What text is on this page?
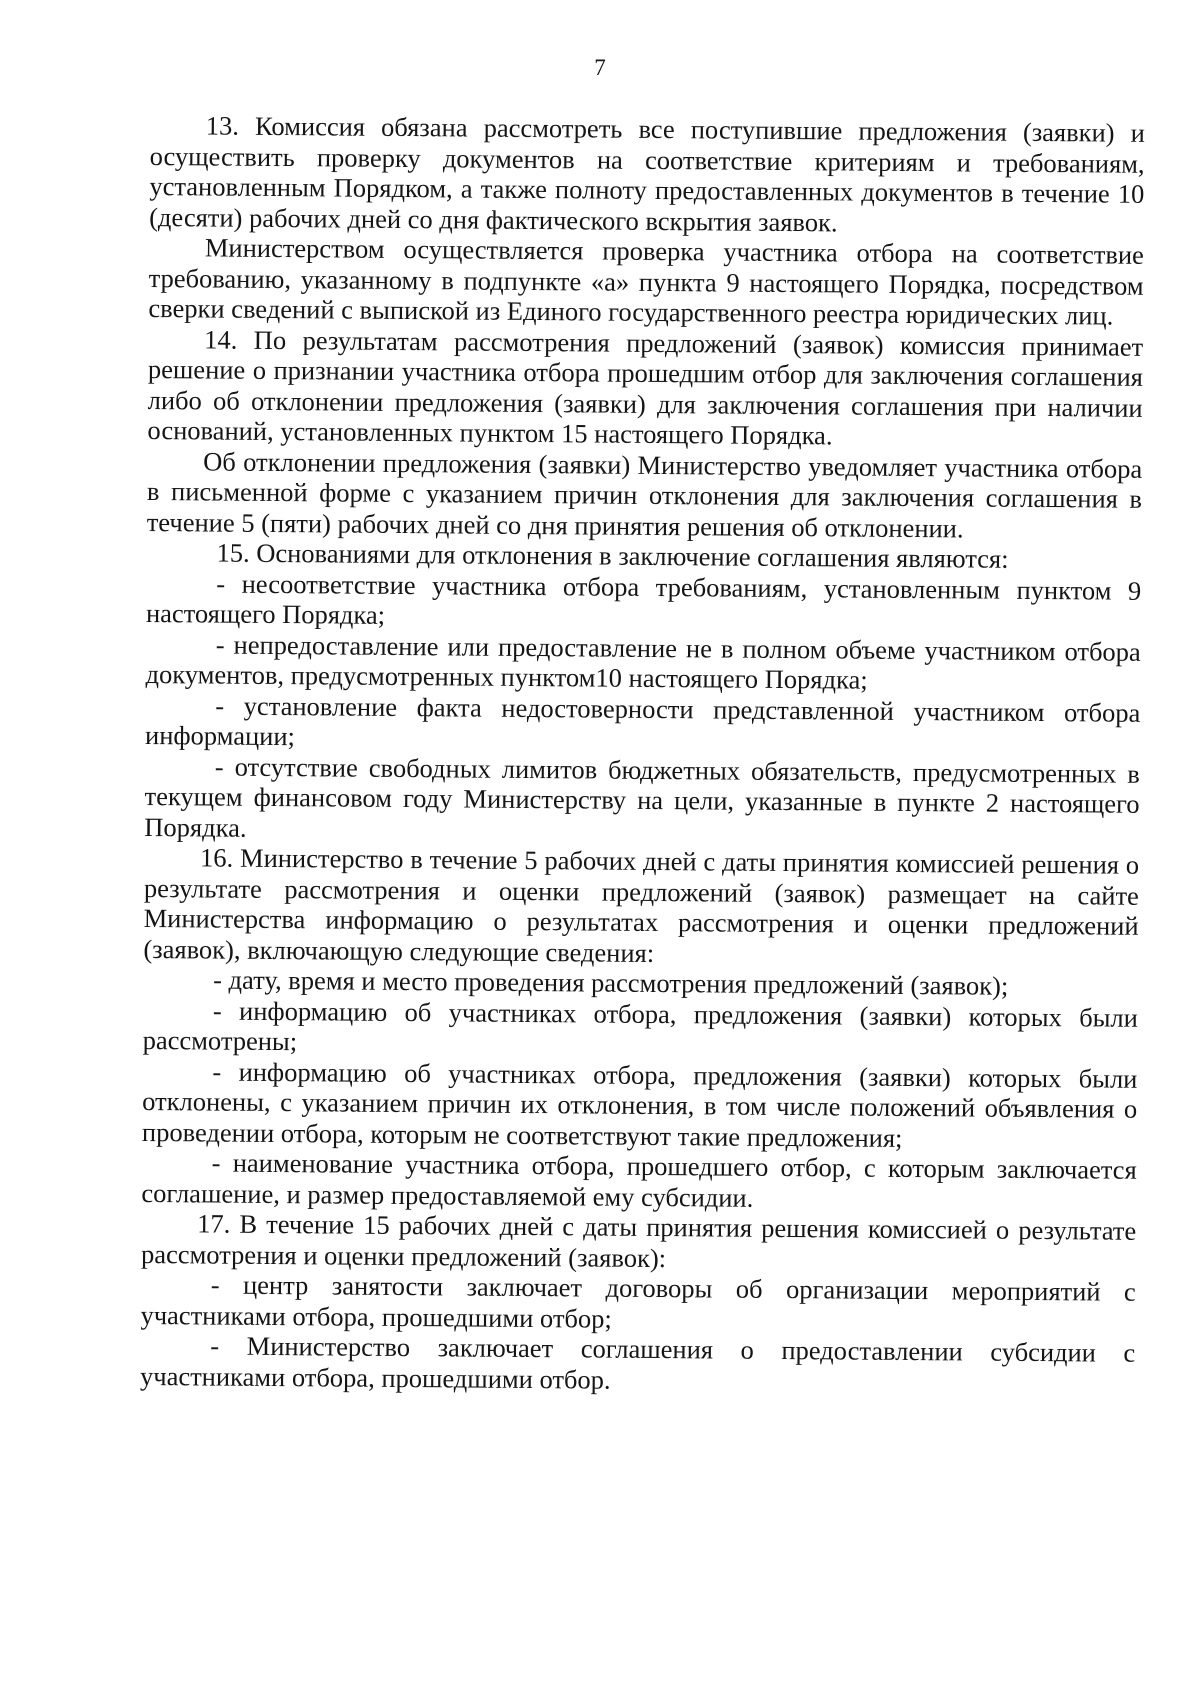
7

13. Комиссия обязана рассмотреть все поступившие предложения (заявки) и осуществить проверку документов на соответствие критериям и требованиям, установленным Порядком, а также полноту предоставленных документов в течение 10 (десяти) рабочих дней со дня фактического вскрытия заявок.

Министерством осуществляется проверка участника отбора на соответствие требованию, указанному в подпункте «а» пункта 9 настоящего Порядка, посредством сверки сведений с выпиской из Единого государственного реестра юридических лиц.

14. По результатам рассмотрения предложений (заявок) комиссия принимает решение о признании участника отбора прошедшим отбор для заключения соглашения либо об отклонении предложения (заявки) для заключения соглашения при наличии оснований, установленных пунктом 15 настоящего Порядка.

Об отклонении предложения (заявки) Министерство уведомляет участника отбора в письменной форме с указанием причин отклонения для заключения соглашения в течение 5 (пяти) рабочих дней со дня принятия решения об отклонении.

15. Основаниями для отклонения в заключение соглашения являются:

- несоответствие участника отбора требованиям, установленным пунктом 9 настоящего Порядка;

- непредоставление или предоставление не в полном объеме участником отбора документов, предусмотренных пунктом10 настоящего Порядка;

- установление факта недостоверности представленной участником отбора информации;

- отсутствие свободных лимитов бюджетных обязательств, предусмотренных в текущем финансовом году Министерству на цели, указанные в пункте 2 настоящего Порядка.

16. Министерство в течение 5 рабочих дней с даты принятия комиссией решения о результате рассмотрения и оценки предложений (заявок) размещает на сайте Министерства информацию о результатах рассмотрения и оценки предложений (заявок), включающую следующие сведения:

- дату, время и место проведения рассмотрения предложений (заявок);

- информацию об участниках отбора, предложения (заявки) которых были рассмотрены;

- информацию об участниках отбора, предложения (заявки) которых были отклонены, с указанием причин их отклонения, в том числе положений объявления о проведении отбора, которым не соответствуют такие предложения;

- наименование участника отбора, прошедшего отбор, с которым заключается соглашение, и размер предоставляемой ему субсидии.

17. В течение 15 рабочих дней с даты принятия решения комиссией о результате рассмотрения и оценки предложений (заявок):

- центр занятости заключает договоры об организации мероприятий с участниками отбора, прошедшими отбор;

- Министерство заключает соглашения о предоставлении субсидии с участниками отбора, прошедшими отбор.
